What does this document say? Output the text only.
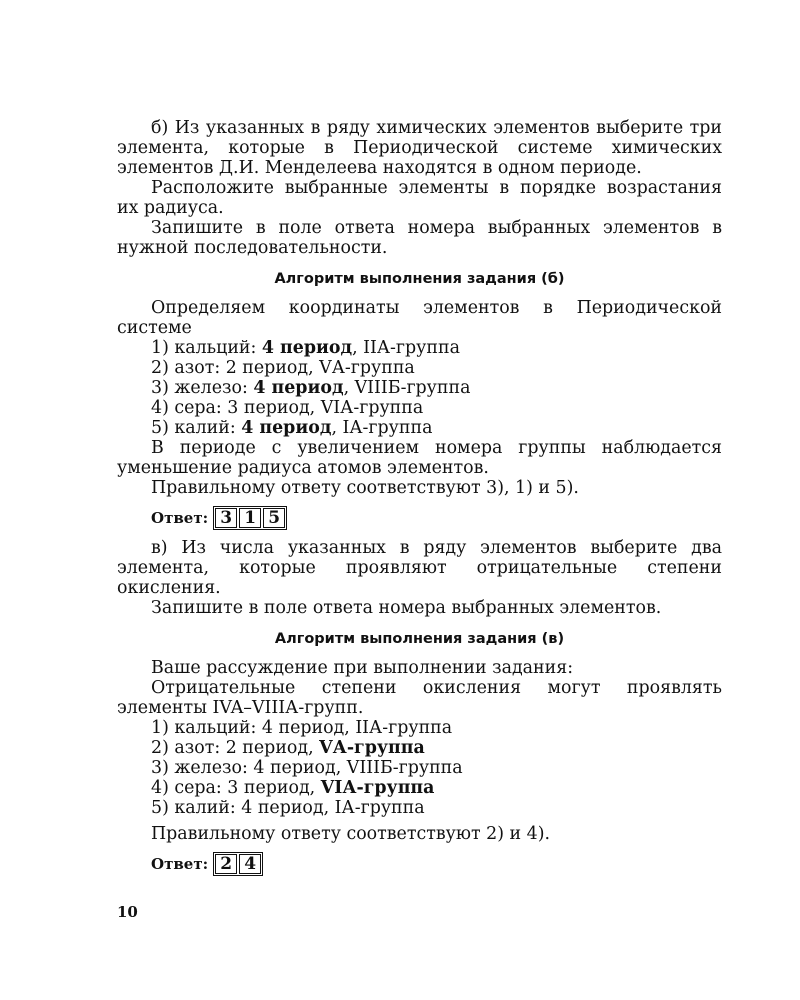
б) Из указанных в ряду химических элементов выберите три элемента, которые в Периодической системе химических элементов Д.И. Менделеева находятся в одном периоде.

Расположите выбранные элементы в порядке возрастания их радиуса.

Запишите в поле ответа номера выбранных элементов в нужной последовательности.

Алгоритм выполнения задания (б)

Определяем координаты элементов в Периодической системе

1) кальций: 4 период, IIА-группа
2) азот: 2 период, VА-группа
3) железо: 4 период, VIIIБ-группа
4) сера: 3 период, VIА-группа
5) калий: 4 период, IА-группа

В периоде с увеличением номера группы наблюдается уменьшение радиуса атомов элементов.

Правильному ответу соответствуют 3), 1) и 5).

Ответ: 3 1 5

в) Из числа указанных в ряду элементов выберите два элемента, которые проявляют отрицательные степени окисления.

Запишите в поле ответа номера выбранных элементов.

Алгоритм выполнения задания (в)

Ваше рассуждение при выполнении задания:

Отрицательные степени окисления могут проявлять элементы IVA–VIIIА-групп.

1) кальций: 4 период, IIА-группа
2) азот: 2 период, VА-группа
3) железо: 4 период, VIIIБ-группа
4) сера: 3 период, VIА-группа
5) калий: 4 период, IА-группа

Правильному ответу соответствуют 2) и 4).

Ответ: 2 4
10
